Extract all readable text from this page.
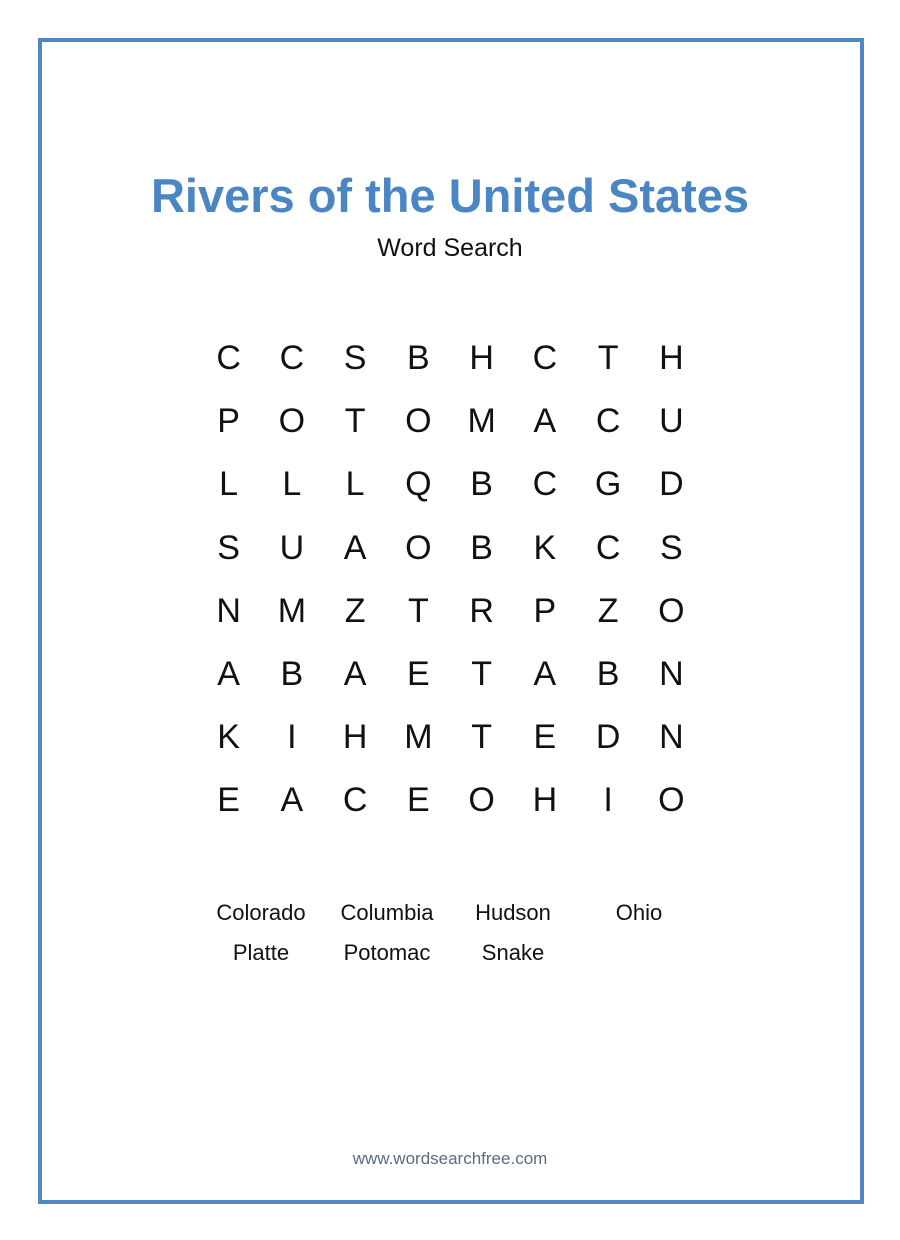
Rivers of the United States
Word Search
C	C	S	B	H	C	T	H
P	O	T	O	M	A	C	U
L	L	L	Q	B	C	G	D
S	U	A	O	B	K	C	S
N	M	Z	T	R	P	Z	O
A	B	A	E	T	A	B	N
K	I	H	M	T	E	D	N
E	A	C	E	O	H	I	O
Colorado	Columbia	Hudson	Ohio
Platte	Potomac	Snake
www.wordsearchfree.com
